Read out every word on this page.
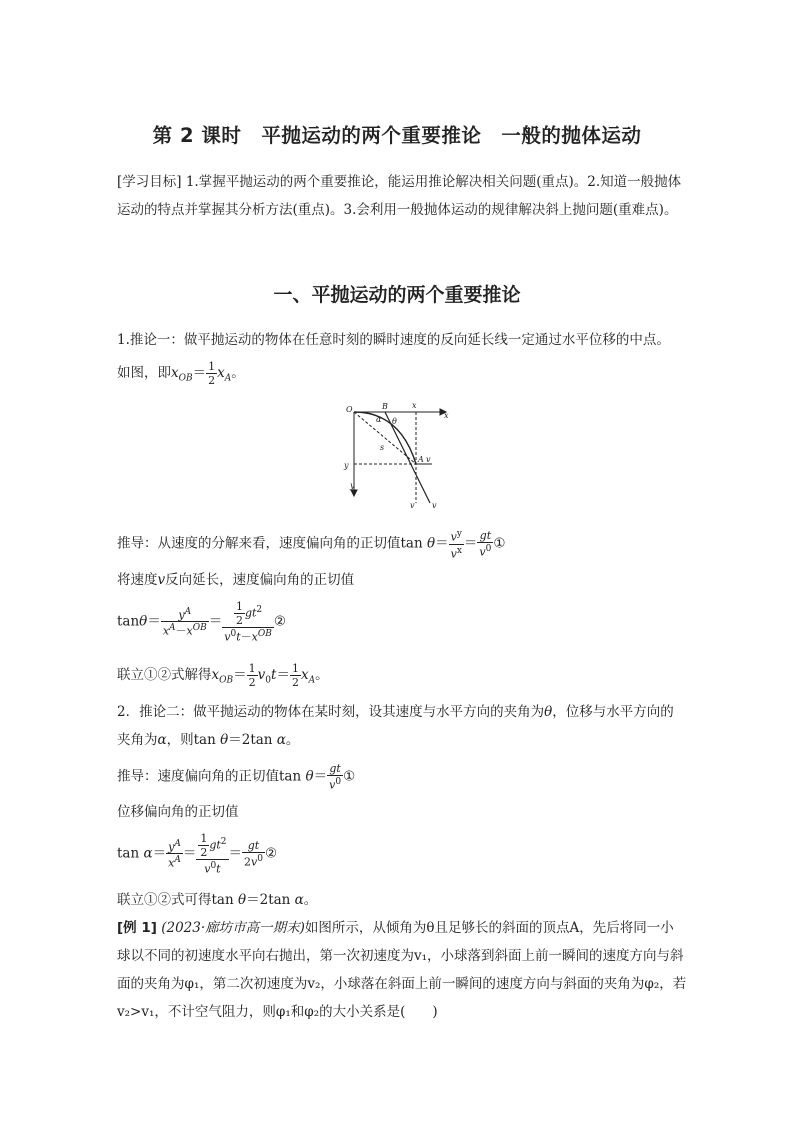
第 2 课时　平抛运动的两个重要推论　一般的抛体运动
[学习目标] 1.掌握平抛运动的两个重要推论，能运用推论解决相关问题(重点)。2.知道一般抛体运动的特点并掌握其分析方法(重点)。3.会利用一般抛体运动的规律解决斜上抛问题(重难点)。
一、平抛运动的两个重要推论
1.推论一：做平抛运动的物体在任意时刻的瞬时速度的反向延长线一定通过水平位移的中点。
如图，即$x_{OB}= \frac{1}{2} x_A$。
O	B	x
x
y
y
A
α θ
s
v
v v
推导：从速度的分解来看，速度偏向角的正切值$\tan \theta= \frac{v^y}{v^x} = \frac{gt}{v^0}$ ①
将速度v反向延长，速度偏向角的正切值
$\tan\theta= \frac{y^A}{x^A-x^{OB}} = \frac{\frac{1}{2} gt^2}{v^0t-x^{OB}}$ ②
联立①②式解得$x_{OB}= \frac{1}{2} v_0t= \frac{1}{2} x_A$。
2．推论二：做平抛运动的物体在某时刻，设其速度与水平方向的夹角为θ，位移与水平方向的夹角为α，则tan θ＝2tan α。
推导：速度偏向角的正切值$\tan \theta= \frac{gt}{v^0}$ ①
位移偏向角的正切值
$\tan \alpha= \frac{y^A}{x^A} = \frac{\frac{1}{2} gt^2}{v^0t} = \frac{gt}{2v^0}$ ②
联立①②式可得tan θ＝2tan α。
[例 1] (2023·廊坊市高一期末)如图所示，从倾角为θ且足够长的斜面的顶点A，先后将同一小球以不同的初速度水平向右抛出，第一次初速度为v₁，小球落到斜面上前一瞬间的速度方向与斜面的夹角为φ₁，第二次初速度为v₂，小球落在斜面上前一瞬间的速度方向与斜面的夹角为φ₂，若v₂>v₁，不计空气阻力，则φ₁和φ₂的大小关系是(　　)
